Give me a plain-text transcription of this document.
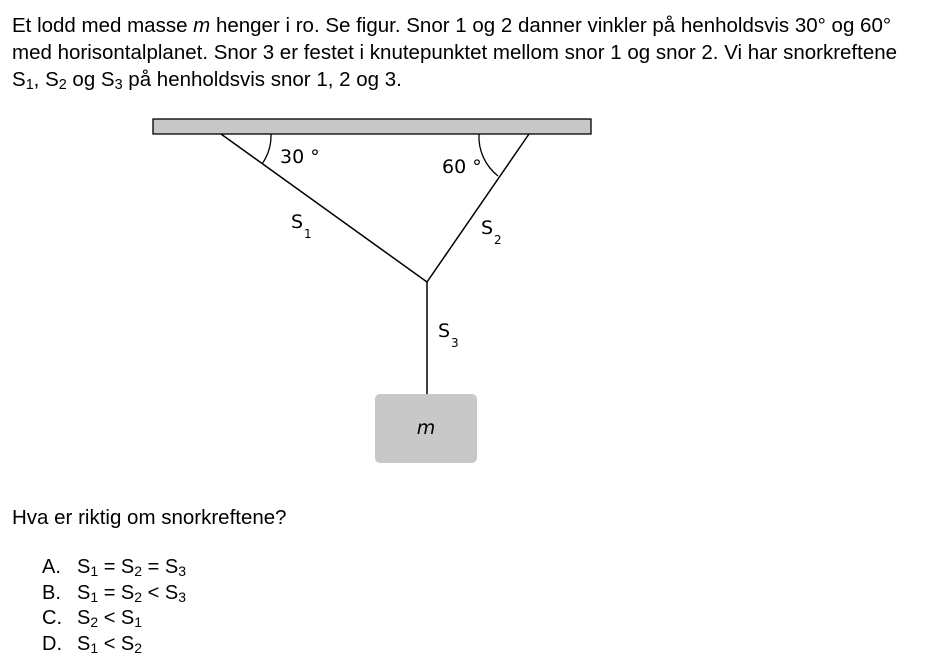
Et lodd med masse m henger i ro. Se figur. Snor 1 og 2 danner vinkler på henholdsvis 30° og 60° med horisontalplanet. Snor 3 er festet i knutepunktet mellom snor 1 og snor 2. Vi har snorkreftene $S_1$, $S_2$ og $S_3$ på henholdsvis snor 1, 2 og 3.

30 °	60 °
S
1	S
2
S
3
m

Hva er riktig om snorkreftene?

A. $S_1 = S_2 = S_3$
B. $S_1 = S_2 < S_3$
C. $S_2 < S_1$
D. $S_1 < S_2$
